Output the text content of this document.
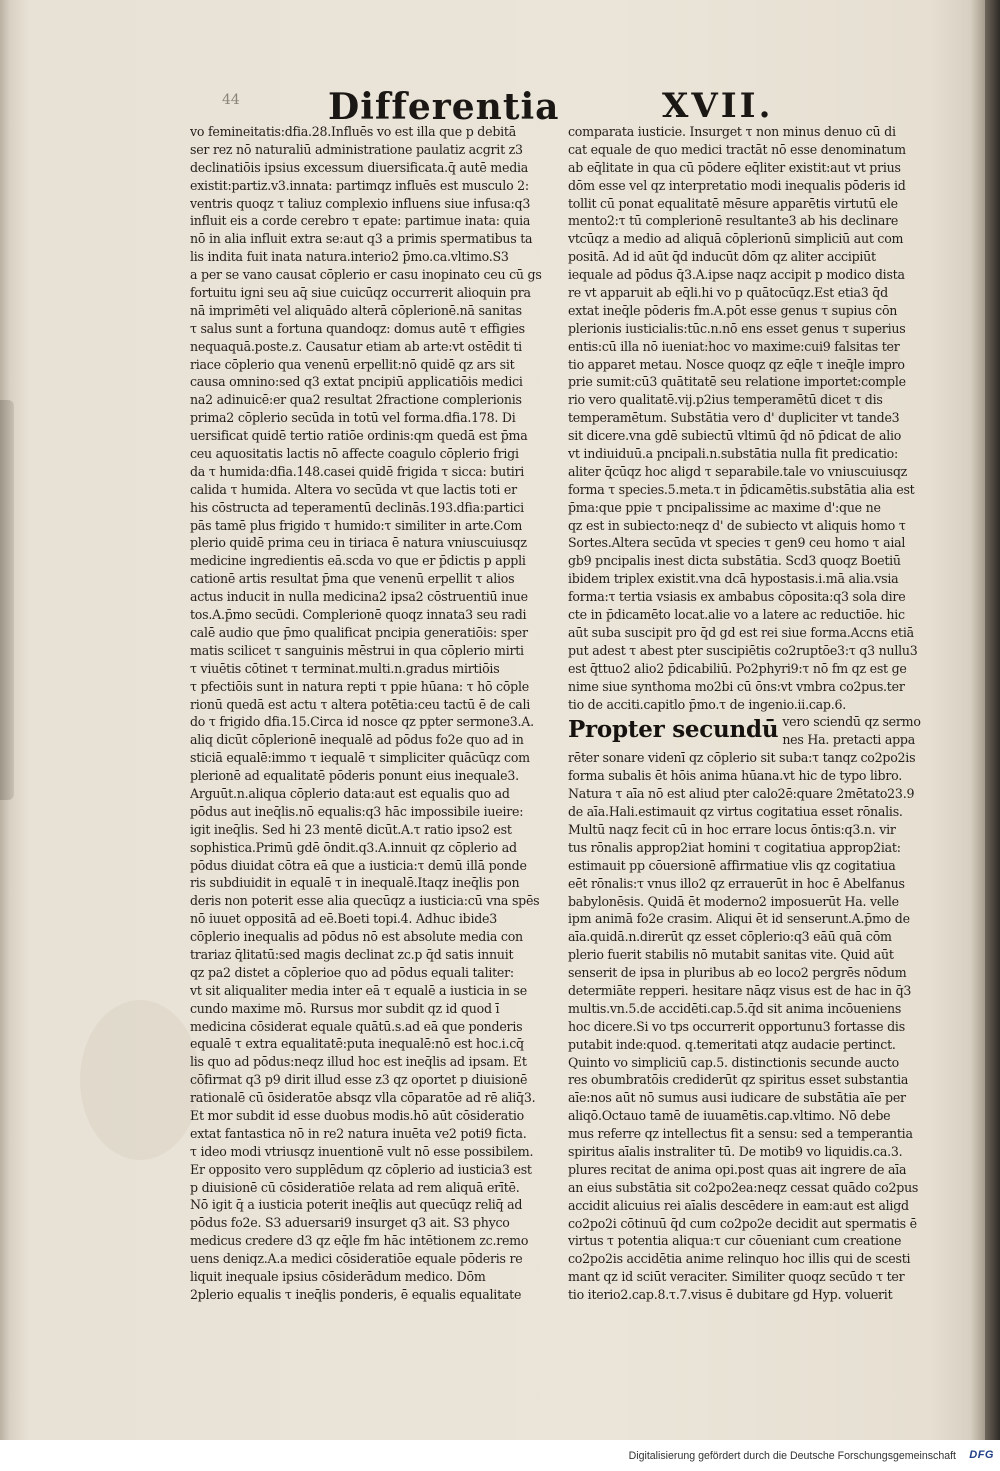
44 Differentia	XVII.
vo femineitatis:dfia.28.Influēs vo est illa que p debitā
ser rez nō naturaliū administratione paulatiz acgrit z3
declinatiōis ipsius excessum diuersificata.q̄ autē media
existit:partiz.v3.innata: partimqz influēs est musculo 2:
ventris quoqz τ taliuz complexio influens siue infusa:q3
influit eis a corde cerebro τ epate: partimue inata: quia
nō in alia influit extra se:aut q3 a primis spermatibus ta
lis indita fuit inata natura.interio2 p̄mo.ca.vltimo.S3
a per se vano causat cōplerio er casu inopinato ceu cū gs
fortuitu igni seu aq̄ siue cuicūqz occurrerit alioquin pra
nā imprimēti vel aliquādo alterā cōplerionē.nā sanitas
τ salus sunt a fortuna quandoqz: domus autē τ effigies
nequaquā.poste.z. Causatur etiam ab arte:vt ostēdit ti
riace cōplerio qua venenū erpellit:nō quidē qz ars sit
causa omnino:sed q3 extat pncipiū applicatiōis medici
na2 adinuicē:er qua2 resultat 2fractione complerionis
prima2 cōplerio secūda in totū vel forma.dfia.178. Di
uersificat quidē tertio ratiōe ordinis:qm quedā est p̄ma
ceu aquositatis lactis nō affecte coagulo cōplerio frigi
da τ humida:dfia.148.casei quidē frigida τ sicca: butiri
calida τ humida. Altera vo secūda vt que lactis toti er
his cōstructa ad teperamentū declinās.193.dfia:partici
pās tamē plus frigido τ humido:τ similiter in arte.Com
plerio quidē prima ceu in tiriaca ē natura vniuscuiusqz
medicine ingredientis eā.scda vo que er p̄dictis p appli
cationē artis resultat p̄ma que venenū erpellit τ alios
actus inducit in nulla medicina2 ipsa2 cōstruentiū inue
tos.A.p̄mo secūdi. Complerionē quoqz innata3 seu radi
calē audio que p̄mo qualificat pncipia generatiōis: sper
matis scilicet τ sanguinis mēstrui in qua cōplerio mirti
τ viuētis cōtinet τ terminat.multi.n.gradus mirtiōis
τ pfectiōis sunt in natura repti τ ppie hūana: τ hō cōple
rionū quedā est actu τ altera potētia:ceu tactū ē de cali
do τ frigido dfia.15.Circa id nosce qz ppter sermone3.A.
aliq dicūt cōplerionē inequalē ad pōdus fo2e quo ad in
sticiā equalē:immo τ iequalē τ simpliciter quācūqz com
plerionē ad equalitatē pōderis ponunt eius inequale3.
Arguūt.n.aliqua cōplerio data:aut est equalis quo ad
pōdus aut ineq̄lis.nō equalis:q3 hāc impossibile iueire:
igit ineq̄lis. Sed hi 23 mentē dicūt.A.τ ratio ipso2 est
sophistica.Primū gdē ōndit.q3.A.innuit qz cōplerio ad
pōdus diuidat cōtra eā que a iusticia:τ demū illā ponde
ris subdiuidit in equalē τ in inequalē.Itaqz ineq̄lis pon
deris non poterit esse alia quecūqz a iusticia:cū vna spēs
nō iuuet oppositā ad eē.Boeti topi.4. Adhuc ibide3
cōplerio inequalis ad pōdus nō est absolute media con
trariaz q̄litatū:sed magis declinat zc.p q̄d satis innuit
qz pa2 distet a cōplerioe quo ad pōdus equali taliter:
vt sit aliqualiter media inter eā τ equalē a iusticia in se
cundo maxime mō. Rursus mor subdit qz id quod ī
medicina cōsiderat equale quātū.s.ad eā que ponderis
equalē τ extra equalitatē:puta inequalē:nō est hoc.i.cq̄
lis quo ad pōdus:neqz illud hoc est ineq̄lis ad ipsam. Et
cōfirmat q3 p9 dirit illud esse z3 qz oportet p diuisionē
rationalē cū ōsideratōe absqz vlla cōparatōe ad rē aliq̄3.
Et mor subdit id esse duobus modis.hō aūt cōsideratio
extat fantastica nō in re2 natura inuēta ve2 poti9 ficta.
τ ideo modi vtriusqz inuentionē vult nō esse possibilem.
Er opposito vero supplēdum qz cōplerio ad iusticia3 est
p diuisionē cū cōsideratiōe relata ad rem aliquā erītē.
Nō igit q̄ a iusticia poterit ineq̄lis aut quecūqz reliq̄ ad
pōdus fo2e. S3 aduersari9 insurget q3 ait. S3 phyco
medicus credere d3 qz eq̄le fm hāc intētionem zc.remo
uens deniqz.A.a medici cōsideratiōe equale pōderis re
liquit inequale ipsius cōsiderādum medico. Dōm
2plerio equalis τ ineq̄lis ponderis, ē equalis equalitate
comparata iusticie. Insurget τ non minus denuo cū di
cat equale de quo medici tractāt nō esse denominatum
ab eq̄litate in qua cū pōdere eq̄liter existit:aut vt prius
dōm esse vel qz interpretatio modi inequalis pōderis id
tollit cū ponat equalitatē mēsure apparētis virtutū ele
mento2:τ tū complerionē resultante3 ab his declinare
vtcūqz a medio ad aliquā cōplerionū simpliciū aut com
positā. Ad id aūt q̄d inducūt dōm qz aliter accipiūt
iequale ad pōdus q̄3.A.ipse naqz accipit p modico dista
re vt apparuit ab eq̄li.hi vo p quātocūqz.Est etia3 q̄d
extat ineq̄le pōderis fm.A.pōt esse genus τ supius cōn
plerionis iusticialis:tūc.n.nō ens esset genus τ superius
entis:cū illa nō iueniat:hoc vo maxime:cui9 falsitas ter
tio apparet metau. Nosce quoqz qz eq̄le τ ineq̄le impro
prie sumit:cū3 quātitatē seu relatione importet:comple
rio vero qualitatē.vij.p2ius temperamētū dicet τ dis
temperamētum. Substātia vero d' dupliciter vt tande3
sit dicere.vna gdē subiectū vltimū q̄d nō p̄dicat de alio
vt indiuiduū.a pncipali.n.substātia nulla fit predicatio:
aliter q̄cūqz hoc aligd τ separabile.tale vo vniuscuiusqz
forma τ species.5.meta.τ in p̄dicamētis.substātia alia est
p̄ma:que ppie τ pncipalissime ac maxime d':que ne
qz est in subiecto:neqz d' de subiecto vt aliquis homo τ
Sortes.Altera secūda vt species τ gen9 ceu homo τ aial
gb9 pncipalis inest dicta substātia. Scd3 quoqz Boetiū
ibidem triplex existit.vna dcā hypostasis.i.mā alia.vsia
forma:τ tertia vsiasis ex ambabus cōposita:q3 sola dire
cte in p̄dicamēto locat.alie vo a latere ac reductiōe. hic
aūt suba suscipit pro q̄d gd est rei siue forma.Accns etiā
put adest τ abest pter suscipiētis co2ruptōe3:τ q3 nullu3
est q̄ttuo2 alio2 p̄dicabiliū. Po2phyri9:τ nō fm qz est ge
nime siue synthoma mo2bi cū ōns:vt vmbra co2pus.ter
tio de acciti.capitlo p̄mo.τ de ingenio.ii.cap.6.
Propter secundū vero sciendū qz sermo
nes Ha. pretacti appa
rēter sonare videnī qz cōplerio sit suba:τ tanqz co2po2is
forma subalis ēt hōis anima hūana.vt hic de typo libro.
Natura τ aīa nō est aliud pter calo2ē:quare 2mētato23.9
de aīa.Hali.estimauit qz virtus cogitatiua esset rōnalis.
Multū naqz fecit cū in hoc errare locus ōntis:q3.n. vir
tus rōnalis approp2iat homini τ cogitatiua approp2iat:
estimauit pp cōuersionē affirmatiue vlis qz cogitatiua
eēt rōnalis:τ vnus illo2 qz errauerūt in hoc ē Abelfanus
babylonēsis. Quidā ēt moderno2 imposuerūt Ha. velle
ipm animā fo2e crasim. Aliqui ēt id senserunt.A.p̄mo de
aīa.quidā.n.direrūt qz esset cōplerio:q3 eāū quā cōm
plerio fuerit stabilis nō mutabit sanitas vite. Quid aūt
senserit de ipsa in pluribus ab eo loco2 pergrēs nōdum
determiāte repperi. hesitare nāqz visus est de hac in q̄3
multis.vn.5.de accidēti.cap.5.q̄d sit anima incōueniens
hoc dicere.Si vo tps occurrerit opportunu3 fortasse dis
putabit inde:quod. q.temeritati atqz audacie pertinct.
Quinto vo simpliciū cap.5. distinctionis secunde aucto
res obumbratōis crediderūt qz spiritus esset substantia
aīe:nos aūt nō sumus ausi iudicare de substātia aīe per
aliqō.Octauo tamē de iuuamētis.cap.vltimo. Nō debe
mus referre qz intellectus fit a sensu: sed a temperantia
spiritus aīalis instraliter tū. De motib9 vo liquidis.ca.3.
plures recitat de anima opi.post quas ait ingrere de aīa
an eius substātia sit co2po2ea:neqz cessat quādo co2pus
accidit alicuius rei aīalis descēdere in eam:aut est aligd
co2po2i cōtinuū q̄d cum co2po2e decidit aut spermatis ē
virtus τ potentia aliqua:τ cur cōueniant cum creatione
co2po2is accidētia anime relinquo hoc illis qui de scesti
mant qz id sciūt veraciter. Similiter quoqz secūdo τ ter
tio iterio2.cap.8.τ.7.visus ē dubitare gd Hyp. voluerit
Digitalisierung gefördert durch die Deutsche Forschungsgemeinschaft DFG
